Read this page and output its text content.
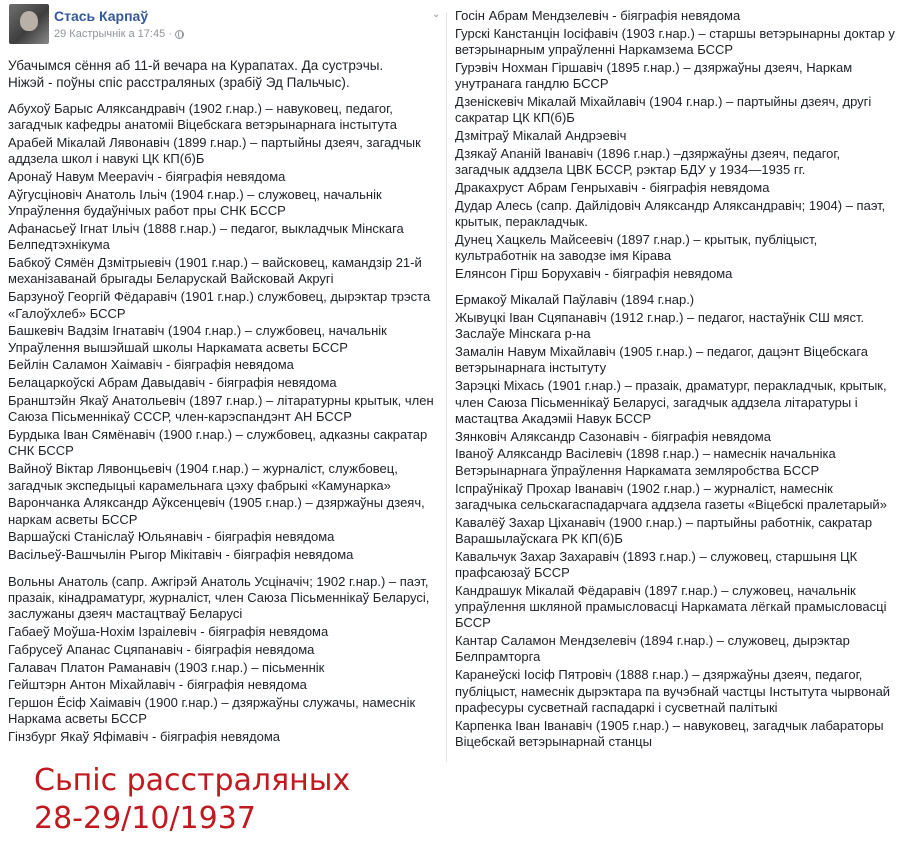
Стась Карпаў
29 Кастрычнік а 17:45 ·
Убачымся сёння аб 11-й вечара на Курапатах. Да сустрэчы.
Ніжэй - поўны спіс расстраляных (зрабіў Эд Пальчыс).
Абухоў Барыс Аляксандравіч (1902 г.нар.) – навуковец, педагог, загадчык кафедры анатоміі Віцебскага ветэрынарнага інстытута
Арабей Мікалай Лявонавіч (1899 г.нар.) – партыйны дзеяч, загадчык аддзела школ і навукі ЦК КП(б)Б
Аронаў Навум Меераvіч - біяграфія невядома
Аўгусціновіч Анатоль Ільіч (1904 г.нар.) – служовец, начальнік Упраўлення будаўнічых работ пры СНК БССР
Афанасьеў Ігнат Ільіч (1888 г.нар.) – педагог, выкладчык Мінскага Белпедтэхнікума
Бабкоў Сямён Дзмітрыевіч (1901 г.нар.) – вайсковец, камандзір 21-й механізаванай брыгады Беларускай Вайсковай Акругі
Барзуноў Георгій Фёдаравіч (1901 г.нар.) службовец, дырэктар трэста «Галоўхлеб» БССР
Башкевіч Вадзім Ігнатавіч (1904 г.нар.) – службовец, начальнік Упраўлення вышэйшай школы Наркамата асветы БССР
Бейлін Саламон Хаімавіч - біяграфія невядома
Белацаркоўскі Абрам Давыдавіч - біяграфія невядома
Бранштэйн Якаў Анатольевіч (1897 г.нар.) – літаратурны крытык, член Саюза Пісьменнікаў СССР, член-карэспандэнт АН БССР
Бурдыка Іван Сямёнавіч (1900 г.нар.) – службовец, адказны сакратар СНК БССР
Вайноў Віктар Лявонцьевіч (1904 г.нар.) – журналіст, службовец, загадчык экспедыцыі карамельнага цэху фабрыкі «Камунарка»
Варончанка Аляксандр Аўксенцевіч (1905 г.нар.) – дзяржаўны дзеяч, наркам асветы БССР
Варшаўскі Станіслаў Юльянавіч - біяграфія невядома
Васільеў-Вашчылін Рыгор Мікітавіч - біяграфія невядома
Вольны Анатоль (сапр. Ажгірэй Анатоль Усціначіч; 1902 г.нар.) – паэт, празаік, кінадраматург, журналіст, член Саюза Пісьменнікаў Беларусі, заслужаны дзеяч мастацтваў Беларусі
Габаеў Моўша-Нохім Ізраілевіч - біяграфія невядома
Габрусеў Апанас Сцяпанавіч - біяграфія невядома
Галавач Платон Раманавіч (1903 г.нар.) – пісьменнік
Гейштэрн Антон Міхайлавіч - біяграфія невядома
Гершон Ёсіф Хаімавіч (1900 г.нар.) – дзяржаўны служачы, намеснік Наркама асветы БССР
Гінзбург Якаў Яфімавіч - біяграфія невядома
⌄ Госін Абрам Мендзелевіч - біяграфія невядома
Гурскі Канстанцін Іосіфавіч (1903 г.нар.) – старшы ветэрынарны доктар у ветэрынарным упраўленні Наркамзема БССР
Гурэвіч Нохман Гіршавіч (1895 г.нар.) – дзяржаўны дзеяч, Наркам унутранага гандлю БССР
Дзеніскевіч Мікалай Міхайлавіч (1904 г.нар.) – партыйны дзеяч, другі сакратар ЦК КП(б)Б
Дзмітраў Мікалай Андрэевіч
Дзякаў Аnаній Іванавіч (1896 г.нар.) –дзяржаўны дзеяч, педагог, загадчык аддзела ЦВК БССР, рэктар БДУ у 1934—1935 гг.
Дракахруст Абрам Генрыхавіч - біяграфія невядома
Дудар Алесь (сапр. Дайлідовіч Аляксандр Аляксандравіч; 1904) – паэт, крытык, перакладчык.
Дунец Хацкель Майсеевіч (1897 г.нар.) – крытык, публіцыст, культработнік на заводзе імя Кірава
Елянсон Гірш Борухавіч - біяграфія невядома
Ермакоў Мікалай Паўлавіч (1894 г.нар.)
Жывуцкі Іван Сцяпанавіч (1912 г.нар.) – педагог, настаўнік СШ мяст. Заслаўе Мінскага р-на
Замалін Навум Міхайлавіч (1905 г.нар.) – педагог, дацэнт Віцебскага ветэрынарнага інстытуту
Зарэцкі Міхась (1901 г.нар.) – празаік, драматург, перакладчык, крытык, член Саюза Пісьменнікаў Беларусі, загадчык аддзела літаратуры і мастацтва Акадэміі Навук БССР
Зянковіч Аляксандр Сазонавіч - біяграфія невядома
Іваноў Аляксандр Васілевіч (1898 г.нар.) – намеснік начальніка Ветэрынарнага ўпраўлення Наркамата земляробства БССР
Іспраўнікаў Прохар Іванавіч (1902 г.нар.) – журналіст, намеснік загадчыка сельскагаспадарчага аддзела газеты «Віцебскі пралетарый»
Кавалёў Захар Ціханавіч (1900 г.нар.) – партыйны работнік, сакратар Варашылаўскага РК КП(б)Б
Кавальчук Захар Захаравіч (1893 г.нар.) – служовец, старшыня ЦК прафсаюзаў БССР
Кандрашук Мікалай Фёдаравіч (1897 г.нар.) – служовец, начальнік упраўлення шкляной прамысловасці Наркамата лёгкай прамысловасці БССР
Кантар Саламон Мендзелевіч (1894 г.нар.) – служовец, дырэктар Белпрамторга
Каранеўскі Іосіф Пятровіч (1888 г.нар.) – дзяржаўны дзеяч, педагог, публіцыст, намеснік дырэктара па вучэбнай частцы Інстытута чырвонай прафесуры сусветнай гаспадаркі і сусветнай палітыкі
Карпенка Іван Іванавіч (1905 г.нар.) – навуковец, загадчык лабараторы Віцебскай ветэрынарнай станцы
Сьпіс расстраляных
28-29/10/1937
